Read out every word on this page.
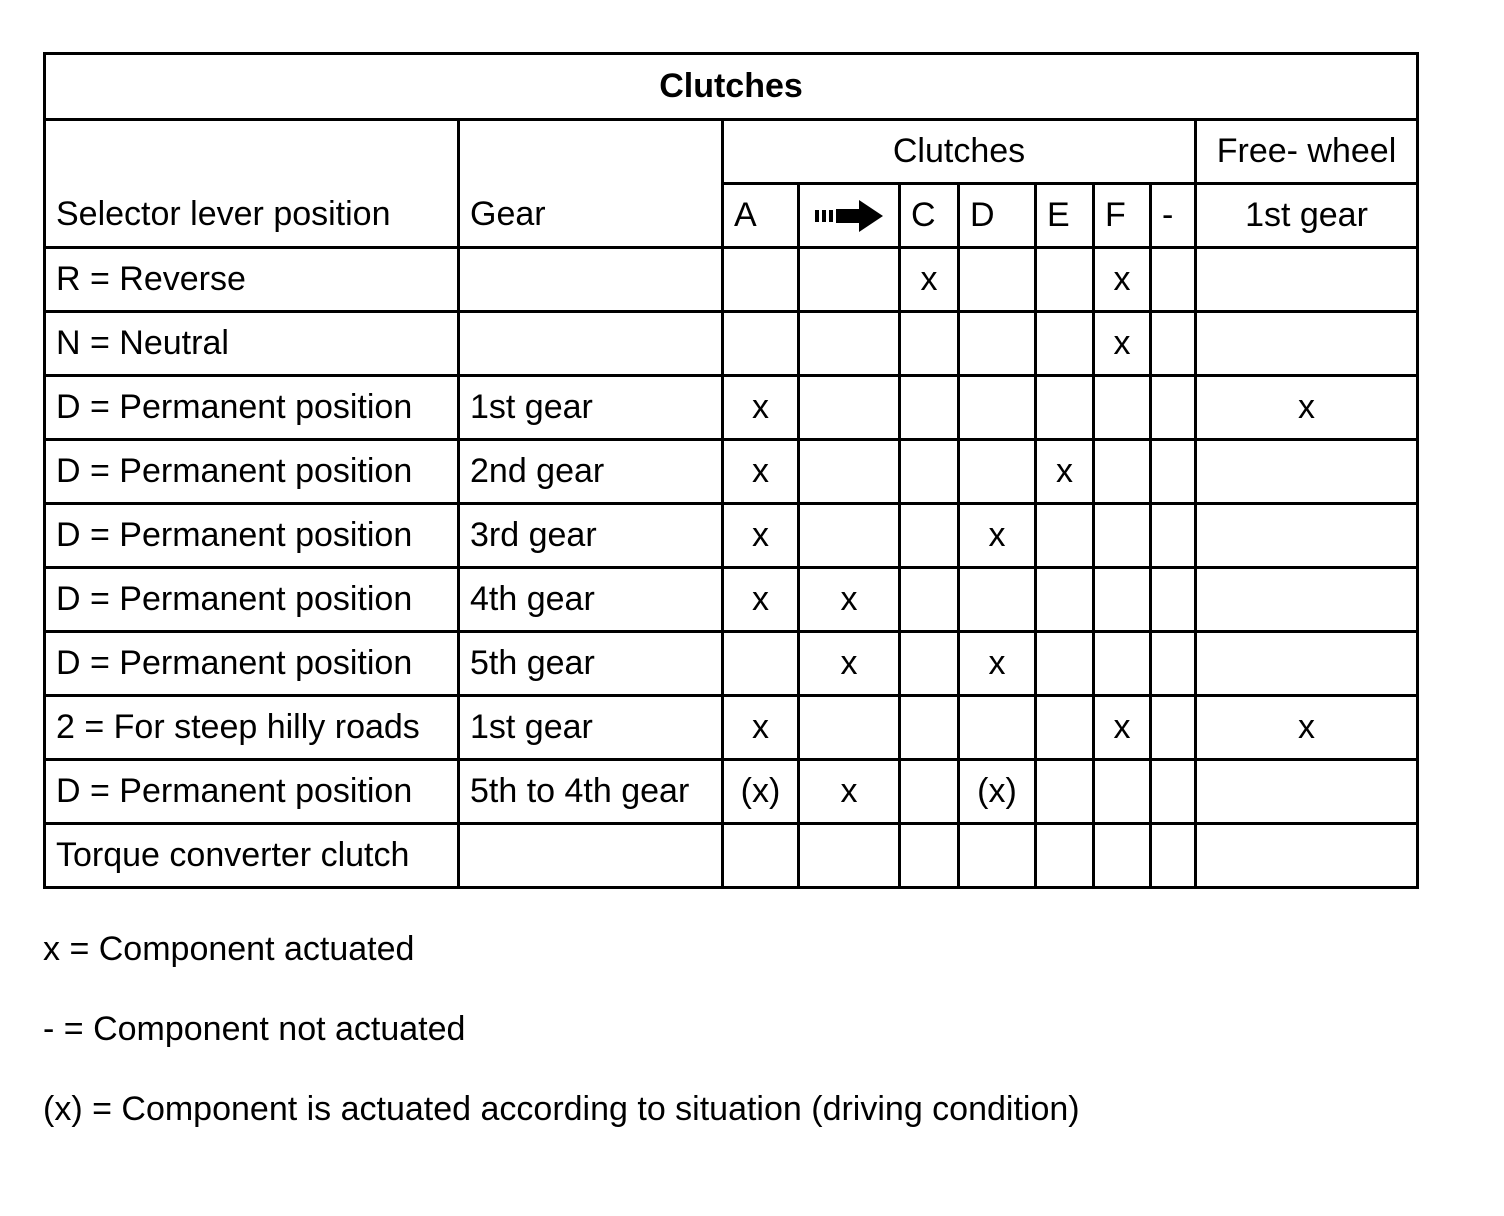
Clutches									
Selector lever position	Gear	Clutches							Free- wheel
		A		C	D	E	F	-	1st gear
R = Reverse				x			x		
N = Neutral							x		
D = Permanent position	1st gear	x							x
D = Permanent position	2nd gear	x				x			
D = Permanent position	3rd gear	x			x				
D = Permanent position	4th gear	x	x						
D = Permanent position	5th gear		x		x				
2 = For steep hilly roads	1st gear	x					x		x
D = Permanent position	5th to 4th gear	(x)	x		(x)				
Torque converter clutch									
x = Component actuated
- = Component not actuated
(x) = Component is actuated according to situation (driving condition)
